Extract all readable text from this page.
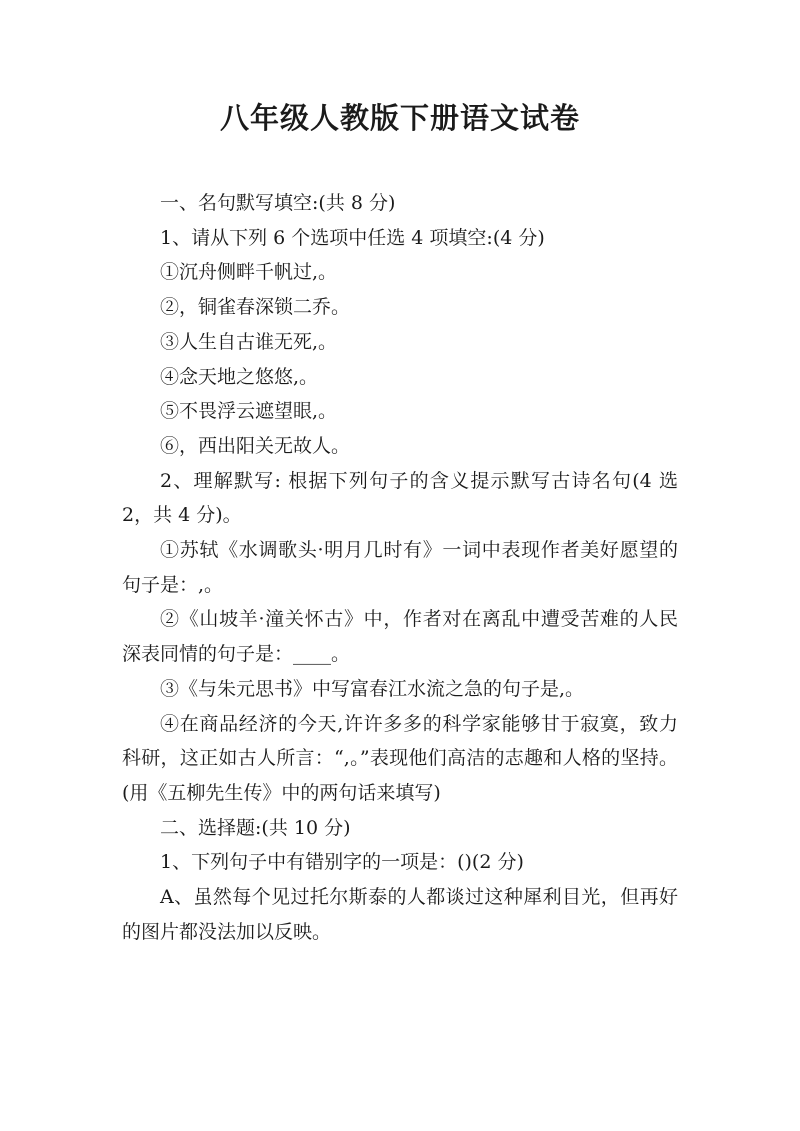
八年级人教版下册语文试卷

一、名句默写填空:(共 8 分)

1、请从下列 6 个选项中任选 4 项填空:(4 分)

①沉舟侧畔千帆过,。

②，铜雀春深锁二乔。

③人生自古谁无死,。

④念天地之悠悠,。

⑤不畏浮云遮望眼,。

⑥，西出阳关无故人。

2、理解默写: 根据下列句子的含义提示默写古诗名句(4 选 2，共 4 分)。

①苏轼《水调歌头·明月几时有》一词中表现作者美好愿望的句子是：,。

②《山坡羊·潼关怀古》中，作者对在离乱中遭受苦难的人民深表同情的句子是：____。

③《与朱元思书》中写富春江水流之急的句子是,。

④在商品经济的今天,许许多多的科学家能够甘于寂寞，致力科研，这正如古人所言：“,。”表现他们高洁的志趣和人格的坚持。(用《五柳先生传》中的两句话来填写)

二、选择题:(共 10 分)

1、下列句子中有错别字的一项是：()(2 分)

A、虽然每个见过托尔斯泰的人都谈过这种犀利目光，但再好的图片都没法加以反映。
